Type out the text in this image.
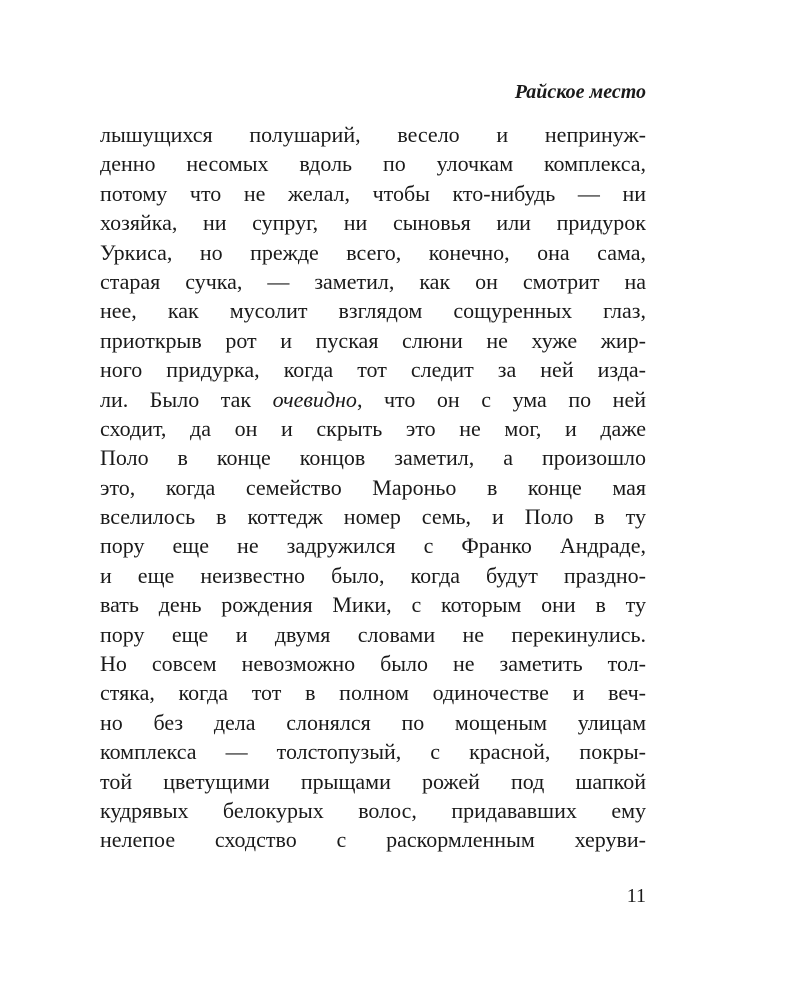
Райское место
лышущихся полушарий, весело и непринуж-
денно несомых вдоль по улочкам комплекса,
потому что не желал, чтобы кто-нибудь — ни
хозяйка, ни супруг, ни сыновья или придурок
Уркиса, но прежде всего, конечно, она сама,
старая сучка, — заметил, как он смотрит на
нее, как мусолит взглядом сощуренных глаз,
приоткрыв рот и пуская слюни не хуже жир-
ного придурка, когда тот следит за ней изда-
ли. Было так очевидно, что он с ума по ней
сходит, да он и скрыть это не мог, и даже
Поло в конце концов заметил, а произошло
это, когда семейство Мароньо в конце мая
вселилось в коттедж номер семь, и Поло в ту
пору еще не задружился с Франко Андраде,
и еще неизвестно было, когда будут праздно-
вать день рождения Мики, с которым они в ту
пору еще и двумя словами не перекинулись.
Но совсем невозможно было не заметить тол-
стяка, когда тот в полном одиночестве и веч-
но без дела слонялся по мощеным улицам
комплекса — толстопузый, с красной, покры-
той цветущими прыщами рожей под шапкой
кудрявых белокурых волос, придававших ему
нелепое сходство с раскормленным херуви-
11
